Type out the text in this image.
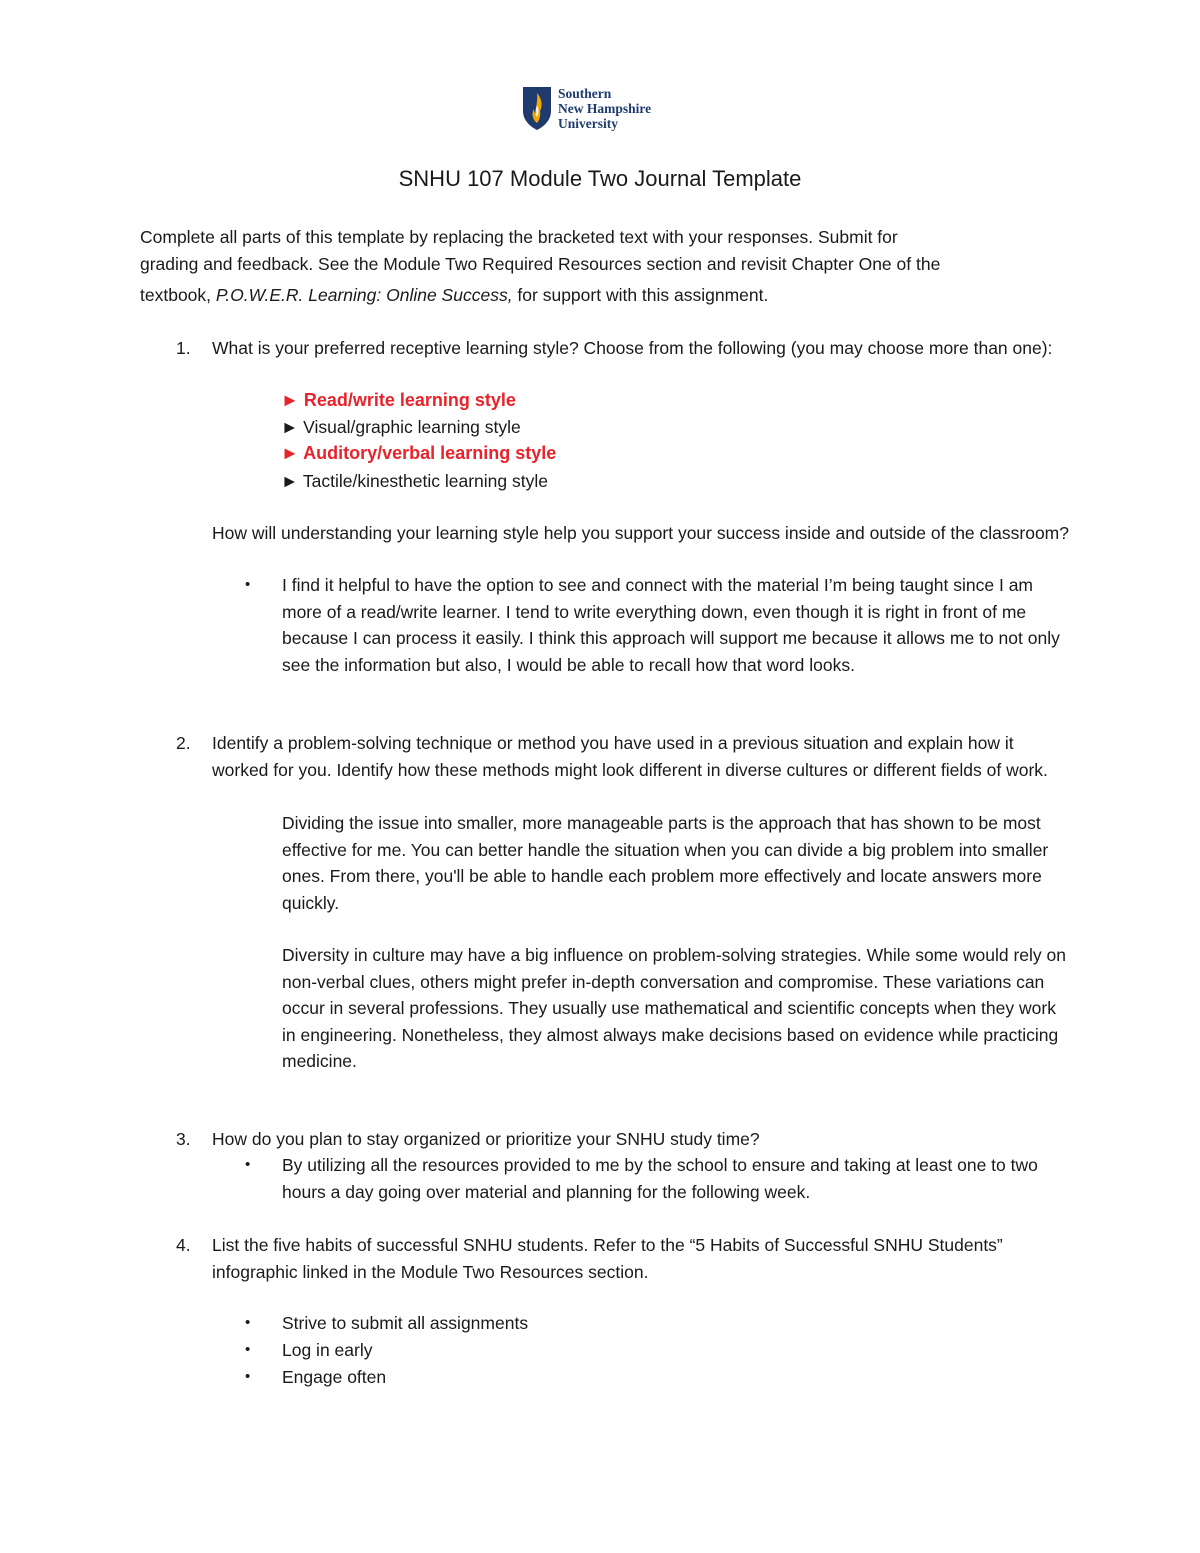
Southern
New Hampshire
University
SNHU 107 Module Two Journal Template
Complete all parts of this template by replacing the bracketed text with your responses. Submit for
grading and feedback. See the Module Two Required Resources section and revisit Chapter One of the
textbook, P.O.W.E.R. Learning: Online Success, for support with this assignment.
1.	What is your preferred receptive learning style? Choose from the following (you may choose more than one):
► Read/write learning style
► Visual/graphic learning style
► Auditory/verbal learning style
► Tactile/kinesthetic learning style
How will understanding your learning style help you support your success inside and outside of the classroom?
• I find it helpful to have the option to see and connect with the material I’m being taught since I am more of a read/write learner. I tend to write everything down, even though it is right in front of me because I can process it easily. I think this approach will support me because it allows me to not only see the information but also, I would be able to recall how that word looks.
2.	Identify a problem-solving technique or method you have used in a previous situation and explain how it worked for you. Identify how these methods might look different in diverse cultures or different fields of work.
Dividing the issue into smaller, more manageable parts is the approach that has shown to be most effective for me. You can better handle the situation when you can divide a big problem into smaller ones. From there, you'll be able to handle each problem more effectively and locate answers more quickly.
Diversity in culture may have a big influence on problem-solving strategies. While some would rely on non-verbal clues, others might prefer in-depth conversation and compromise. These variations can occur in several professions. They usually use mathematical and scientific concepts when they work in engineering. Nonetheless, they almost always make decisions based on evidence while practicing medicine.
3.	How do you plan to stay organized or prioritize your SNHU study time?
• By utilizing all the resources provided to me by the school to ensure and taking at least one to two hours a day going over material and planning for the following week.
4.	List the five habits of successful SNHU students. Refer to the “5 Habits of Successful SNHU Students” infographic linked in the Module Two Resources section.
• Strive to submit all assignments
• Log in early
• Engage often
